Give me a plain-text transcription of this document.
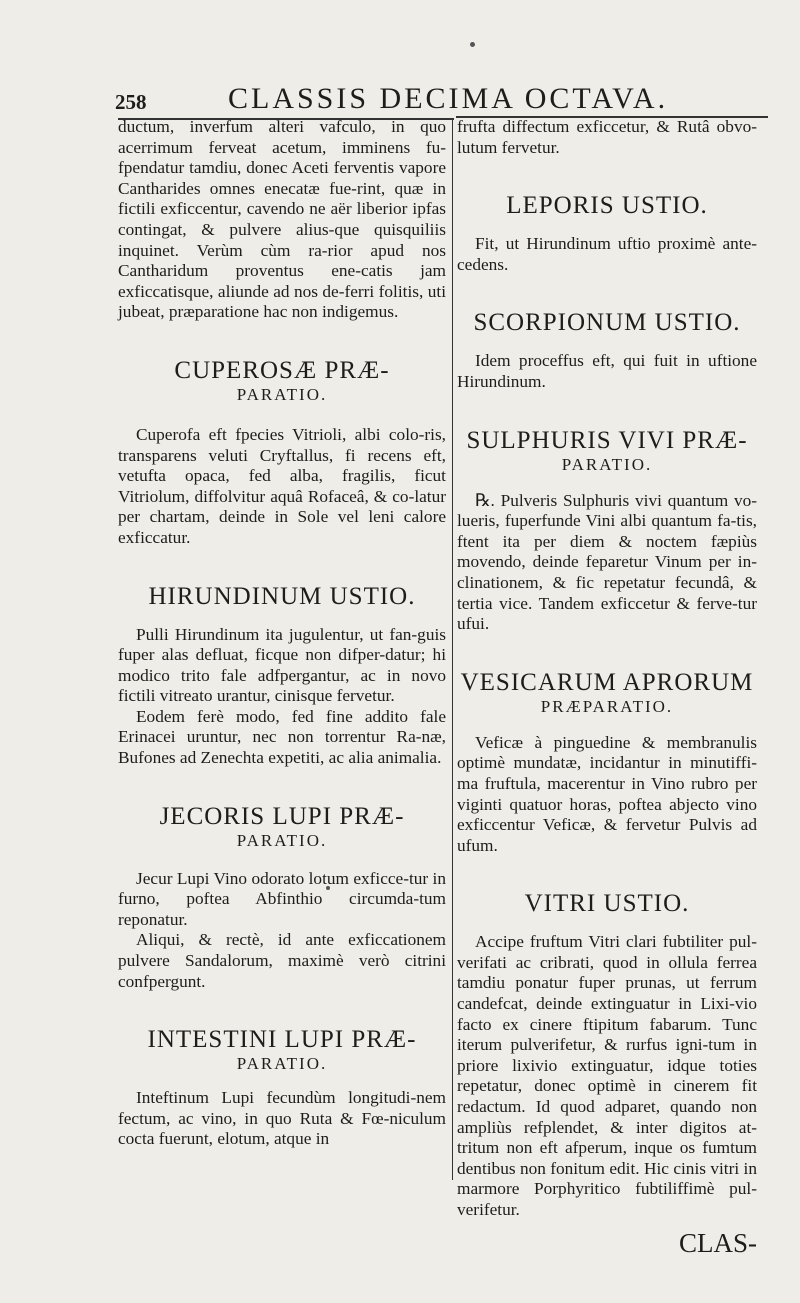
258	CLASSIS DECIMA OCTAVA.

ductum, inverfum alteri vafculo, in quo acerrimum ferveat acetum, imminens fu-fpendatur tamdiu, donec Aceti ferventis vapore Cantharides omnes enecatæ fue-rint, quæ in fictili exficcentur, cavendo ne aër liberior ipfas contingat, & pulvere alius-que quisquiliis inquinet. Verùm cùm ra-rior apud nos Cantharidum proventus ene-catis jam exficcatisque, aliunde ad nos de-ferri folitis, uti jubeat, præparatione hac non indigemus.

CUPEROSÆ PRÆ-
PARATIO.

Cuperofa eft fpecies Vitrioli, albi colo-ris, transparens veluti Cryftallus, fi recens eft, vetufta opaca, fed alba, fragilis, ficut Vitriolum, diffolvitur aquâ Rofaceâ, & co-latur per chartam, deinde in Sole vel leni calore exficcatur.

HIRUNDINUM USTIO.

Pulli Hirundinum ita jugulentur, ut fan-guis fuper alas defluat, ficque non difper-datur; hi modico trito fale adfpergantur, ac in novo fictili vitreato urantur, cinisque fervetur.

Eodem ferè modo, fed fine addito fale Erinacei uruntur, nec non torrentur Ra-næ, Bufones ad Zenechta expetiti, ac alia animalia.

JECORIS LUPI PRÆ-
PARATIO.

Jecur Lupi Vino odorato lotum exficce-tur in furno, poftea Abfinthio circumda-tum reponatur.

Aliqui, & rectè, id ante exficcationem pulvere Sandalorum, maximè verò citrini confpergunt.

INTESTINI LUPI PRÆ-
PARATIO.

Inteftinum Lupi fecundùm longitudi-nem fectum, ac vino, in quo Ruta & Fœ-niculum cocta fuerunt, elotum, atque in

frufta diffectum exficcetur, & Rutâ obvo-lutum fervetur.

LEPORIS USTIO.

Fit, ut Hirundinum uftio proximè ante-cedens.

SCORPIONUM USTIO.

Idem proceffus eft, qui fuit in uftione Hirundinum.

SULPHURIS VIVI PRÆ-
PARATIO.

℞. Pulveris Sulphuris vivi quantum vo-lueris, fuperfunde Vini albi quantum fa-tis, ftent ita per diem & noctem fæpiùs movendo, deinde feparetur Vinum per in-clinationem, & fic repetatur fecundâ, & tertia vice. Tandem exficcetur & ferve-tur ufui.

VESICARUM APRORUM
PRÆPARATIO.

Veficæ à pinguedine & membranulis optimè mundatæ, incidantur in minutiffi-ma fruftula, macerentur in Vino rubro per viginti quatuor horas, poftea abjecto vino exficcentur Veficæ, & fervetur Pulvis ad ufum.

VITRI USTIO.

Accipe fruftum Vitri clari fubtiliter pul-verifati ac cribrati, quod in ollula ferrea tamdiu ponatur fuper prunas, ut ferrum candefcat, deinde extinguatur in Lixi-vio facto ex cinere ftipitum fabarum. Tunc iterum pulverifetur, & rurfus igni-tum in priore lixivio extinguatur, idque toties repetatur, donec optimè in cinerem fit redactum. Id quod adparet, quando non ampliùs refplendet, & inter digitos at-tritum non eft afperum, inque os fumtum dentibus non fonitum edit. Hic cinis vitri in marmore Porphyritico fubtiliffimè pul-verifetur.

CLAS-
